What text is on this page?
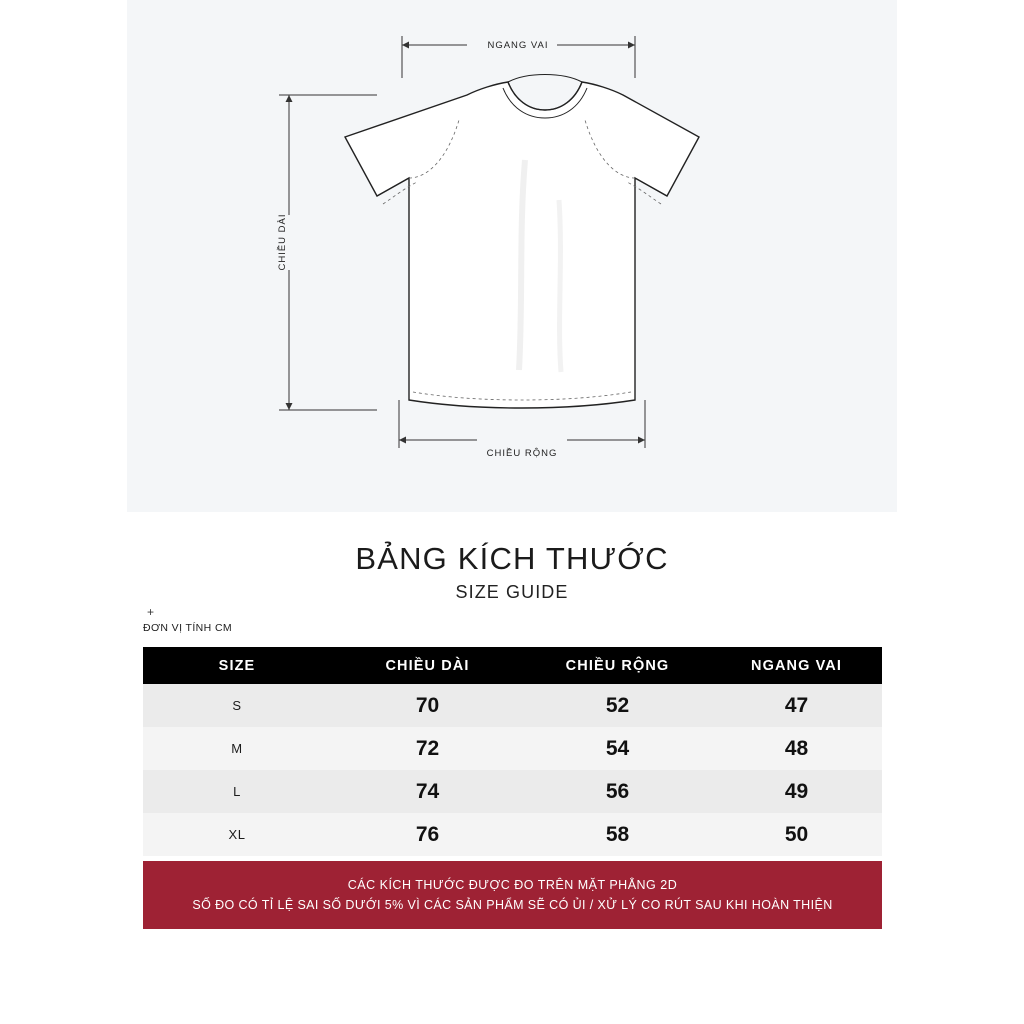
NGANG VAI
CHIỀU DÀI
CHIỀU RỘNG
BẢNG KÍCH THƯỚC
SIZE GUIDE
+
ĐƠN VỊ TÍNH CM
SIZE	CHIỀU DÀI	CHIỀU RỘNG	NGANG VAI
S	70	52	47
M	72	54	48
L	74	56	49
XL	76	58	50
CÁC KÍCH THƯỚC ĐƯỢC ĐO TRÊN MẶT PHẲNG 2D
SỐ ĐO CÓ TỈ LỆ SAI SỐ DƯỚI 5% VÌ CÁC SẢN PHẨM SẼ CÓ ỦI / XỬ LÝ CO RÚT SAU KHI HOÀN THIỆN
